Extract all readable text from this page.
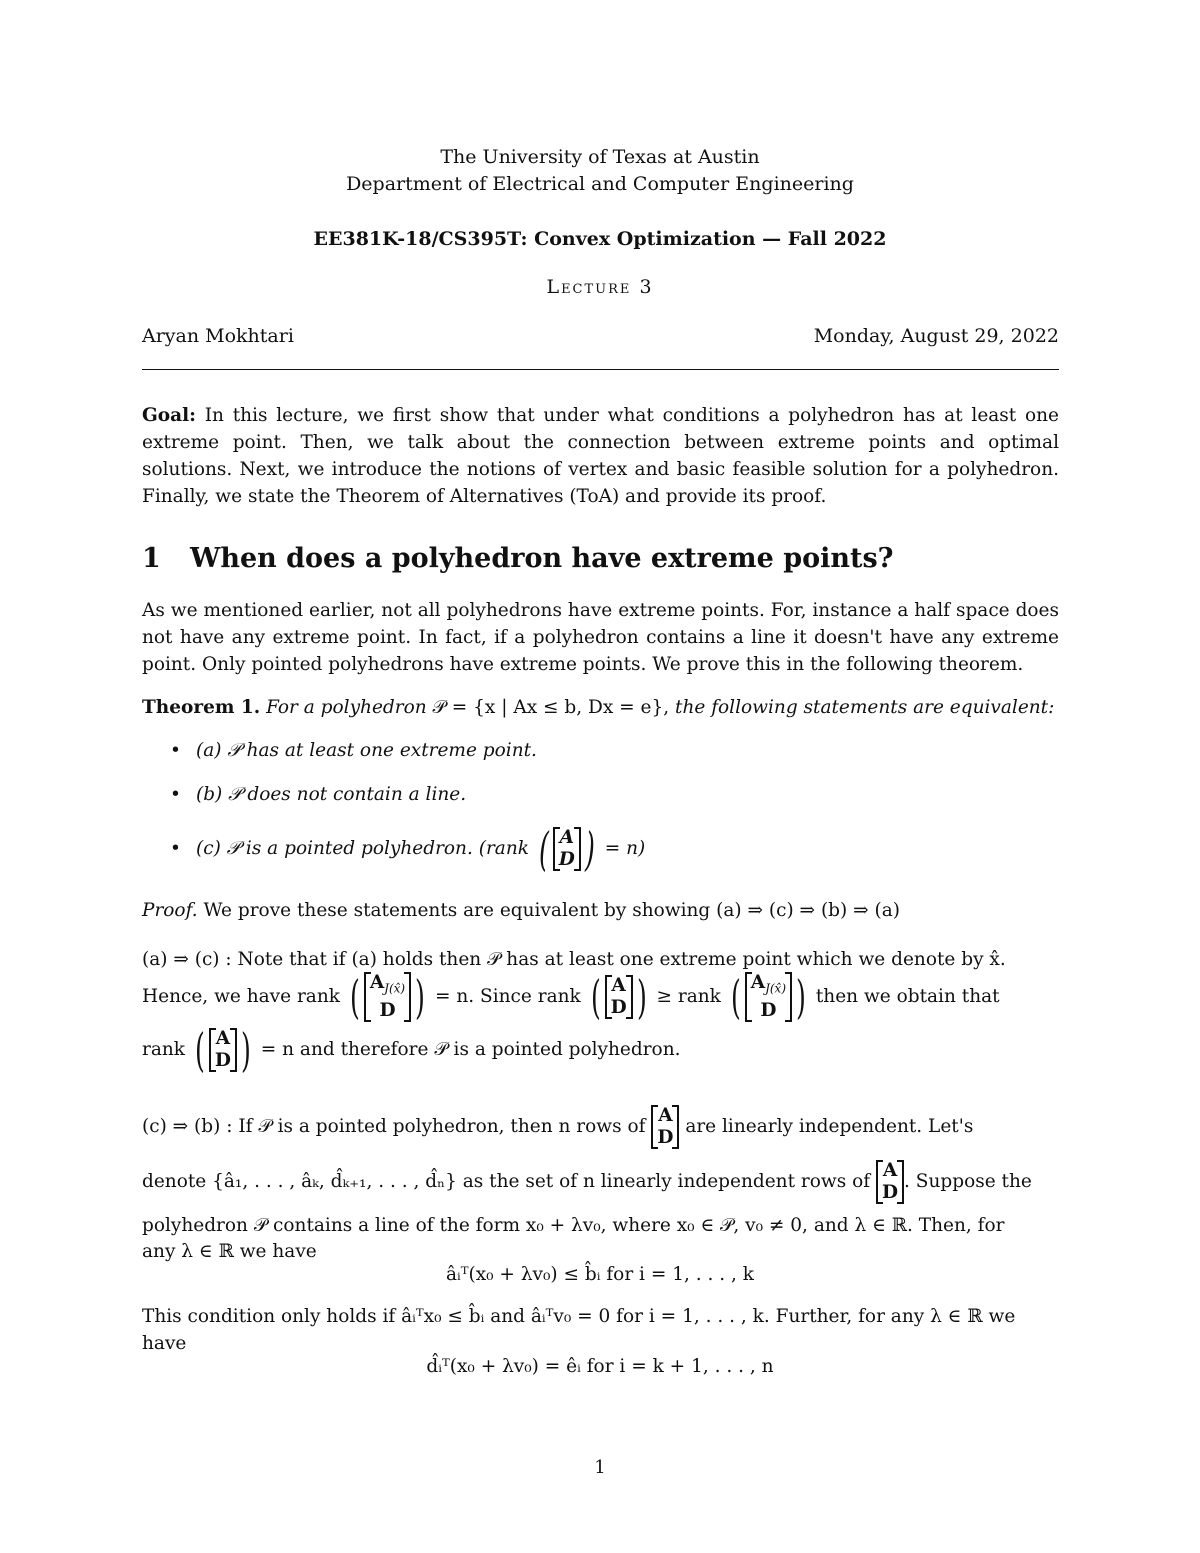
The University of Texas at Austin
Department of Electrical and Computer Engineering
EE381K-18/CS395T: Convex Optimization — Fall 2022
Lecture 3
Aryan Mokhtari	Monday, August 29, 2022
Goal: In this lecture, we first show that under what conditions a polyhedron has at least one extreme point. Then, we talk about the connection between extreme points and optimal solutions. Next, we introduce the notions of vertex and basic feasible solution for a polyhedron. Finally, we state the Theorem of Alternatives (ToA) and provide its proof.
1 When does a polyhedron have extreme points?
As we mentioned earlier, not all polyhedrons have extreme points. For, instance a half space does not have any extreme point. In fact, if a polyhedron contains a line it doesn't have any extreme point. Only pointed polyhedrons have extreme points. We prove this in the following theorem.
Theorem 1. For a polyhedron 𝒫 = {x | Ax ≤ b, Dx = e}, the following statements are equivalent:
• (a) 𝒫 has at least one extreme point.
• (b) 𝒫 does not contain a line.
• (c) 𝒫 is a pointed polyhedron. (rank ( A
D ) = n)
Proof. We prove these statements are equivalent by showing (a) ⇒ (c) ⇒ (b) ⇒ (a)
(a) ⇒ (c) : Note that if (a) holds then 𝒫 has at least one extreme point which we denote by x̂.
Hence, we have rank ( $A_{J(x̂)}$
D ) = n. Since rank ( A
D ) ≥ rank ( $A_{J(x̂)}$
D ) then we obtain that
rank ( A
D ) = n and therefore 𝒫 is a pointed polyhedron.
(c) ⇒ (b) : If 𝒫 is a pointed polyhedron, then n rows of A
D are linearly independent. Let's
denote {â₁, . . . , âₖ, d̂ₖ₊₁, . . . , d̂ₙ} as the set of n linearly independent rows of A
D. Suppose the
polyhedron 𝒫 contains a line of the form x₀ + λv₀, where x₀ ∈ 𝒫, v₀ ≠ 0, and λ ∈ ℝ. Then, for
any λ ∈ ℝ we have
âᵢᵀ(x₀ + λv₀) ≤ b̂ᵢ for i = 1, . . . , k
This condition only holds if âᵢᵀx₀ ≤ b̂ᵢ and âᵢᵀv₀ = 0 for i = 1, . . . , k. Further, for any λ ∈ ℝ we
have
d̂ᵢᵀ(x₀ + λv₀) = êᵢ for i = k + 1, . . . , n
1
